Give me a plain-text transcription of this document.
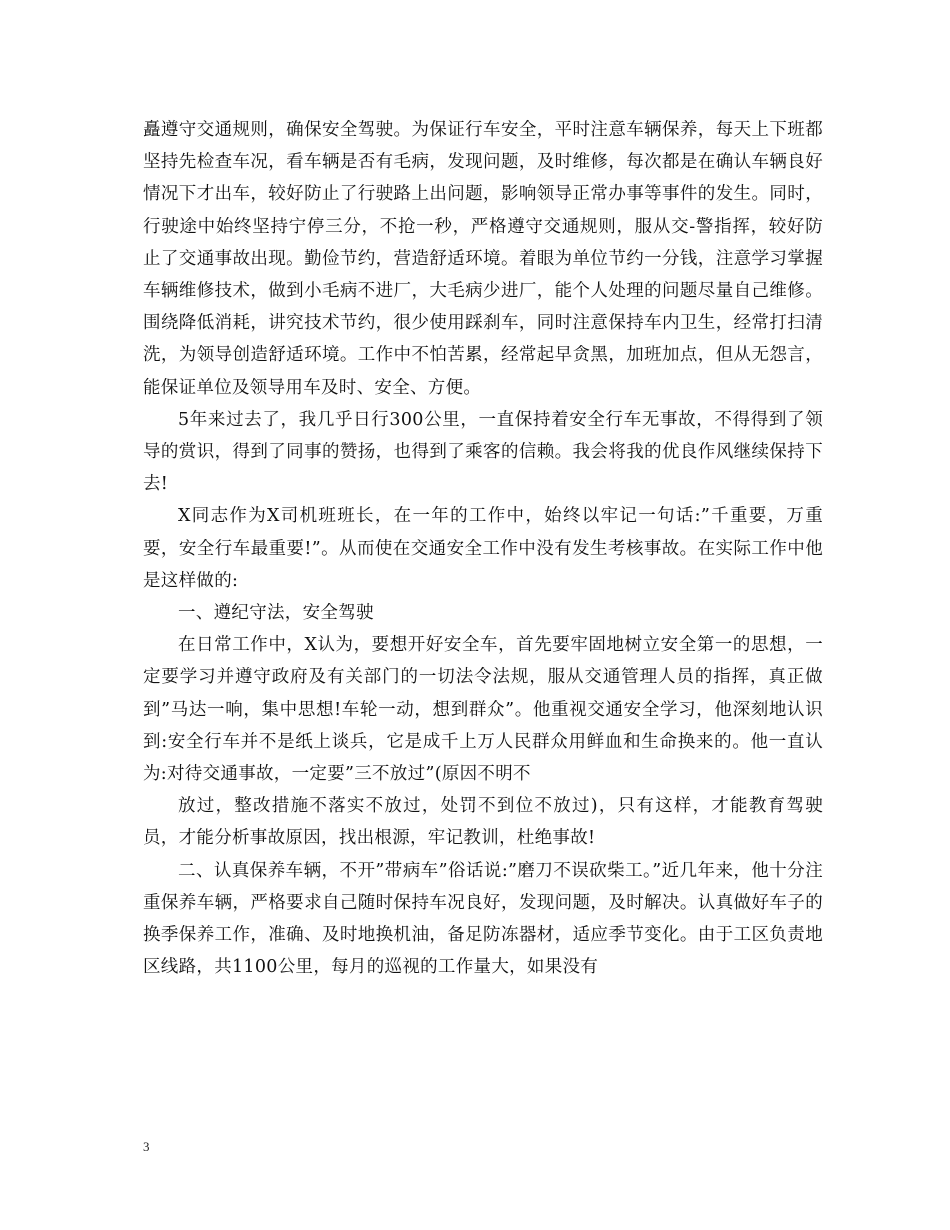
矗遵守交通规则，确保安全驾驶。为保证行车安全，平时注意车辆保养，每天上下班都坚持先检查车况，看车辆是否有毛病，发现问题，及时维修，每次都是在确认车辆良好情况下才出车，较好防止了行驶路上出问题，影响领导正常办事等事件的发生。同时，行驶途中始终坚持宁停三分，不抢一秒，严格遵守交通规则，服从交-警指挥，较好防止了交通事故出现。勤俭节约，营造舒适环境。着眼为单位节约一分钱，注意学习掌握车辆维修技术，做到小毛病不进厂，大毛病少进厂，能个人处理的问题尽量自己维修。围绕降低消耗，讲究技术节约，很少使用踩刹车，同时注意保持车内卫生，经常打扫清洗，为领导创造舒适环境。工作中不怕苦累，经常起早贪黑，加班加点，但从无怨言，能保证单位及领导用车及时、安全、方便。

5年来过去了，我几乎日行300公里，一直保持着安全行车无事故，不得得到了领导的赏识，得到了同事的赞扬，也得到了乘客的信赖。我会将我的优良作风继续保持下去!

X同志作为X司机班班长，在一年的工作中，始终以牢记一句话:”千重要，万重要，安全行车最重要!”。从而使在交通安全工作中没有发生考核事故。在实际工作中他是这样做的:

一、遵纪守法，安全驾驶

在日常工作中，X认为，要想开好安全车，首先要牢固地树立安全第一的思想，一定要学习并遵守政府及有关部门的一切法令法规，服从交通管理人员的指挥，真正做到”马达一响，集中思想!车轮一动，想到群众”。他重视交通安全学习，他深刻地认识到:安全行车并不是纸上谈兵，它是成千上万人民群众用鲜血和生命换来的。他一直认为:对待交通事故，一定要”三不放过”(原因不明不

放过，整改措施不落实不放过，处罚不到位不放过)，只有这样，才能教育驾驶员，才能分析事故原因，找出根源，牢记教训，杜绝事故!

二、认真保养车辆，不开”带病车”俗话说:”磨刀不误砍柴工。”近几年来，他十分注重保养车辆，严格要求自己随时保持车况良好，发现问题，及时解决。认真做好车子的换季保养工作，准确、及时地换机油，备足防冻器材，适应季节变化。由于工区负责地区线路，共1100公里，每月的巡视的工作量大，如果没有

3
